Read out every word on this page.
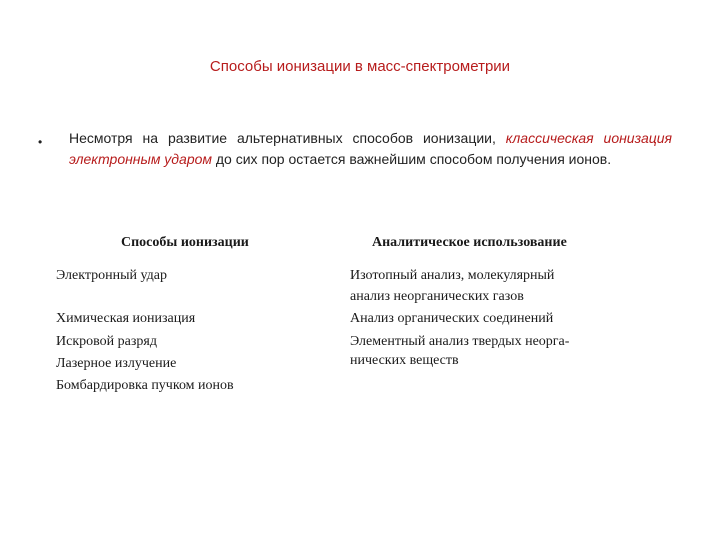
Способы ионизации в масс-спектрометрии
• Несмотря на развитие альтернативных способов ионизации, классическая ионизация электронным ударом до сих пор остается важнейшим способом получения ионов.
Способы ионизации	Аналитическое использование
Электронный удар
Химическая ионизация
Искровой разряд
Лазерное излучение
Бомбардировка пучком ионов
Изотопный анализ, молекулярный
анализ неорганических газов
Анализ органических соединений
Элементный анализ твердых неорга-
нических веществ
